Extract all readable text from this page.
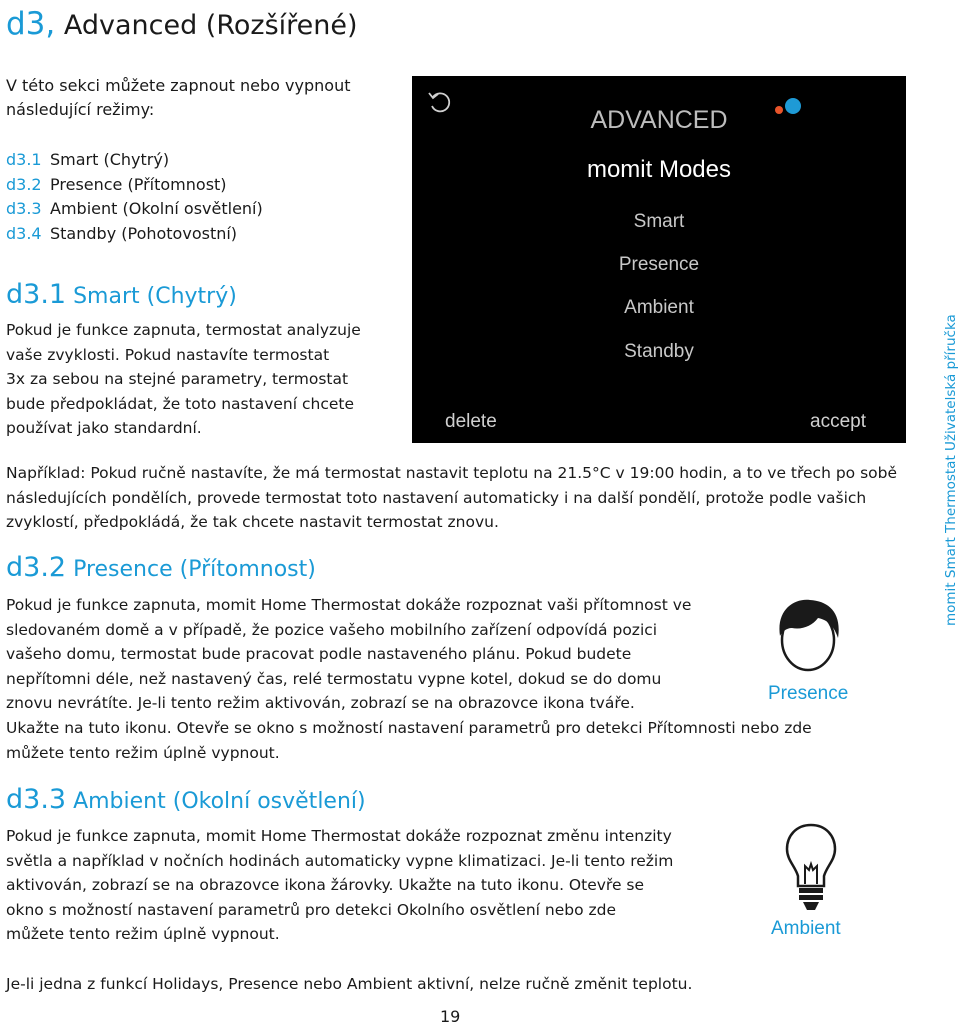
d3, Advanced (Rozšířené)
V této sekci můžete zapnout nebo vypnout
následující režimy:
d3.1 Smart (Chytrý)
d3.2 Presence (Přítomnost)
d3.3 Ambient (Okolní osvětlení)
d3.4 Standby (Pohotovostní)
d3.1 Smart (Chytrý)
Pokud je funkce zapnuta, termostat analyzuje
vaše zvyklosti. Pokud nastavíte termostat
3x za sebou na stejné parametry, termostat
bude předpokládat, že toto nastavení chcete
používat jako standardní.
ADVANCED
momit Modes
Smart
Presence
Ambient
Standby
delete	accept
Například: Pokud ručně nastavíte, že má termostat nastavit teplotu na 21.5°C v 19:00 hodin, a to ve třech po sobě
následujících pondělích, provede termostat toto nastavení automaticky i na další pondělí, protože podle vašich
zvyklostí, předpokládá, že tak chcete nastavit termostat znovu.
d3.2 Presence (Přítomnost)
Pokud je funkce zapnuta, momit Home Thermostat dokáže rozpoznat vaši přítomnost ve
sledovaném domě a v případě, že pozice vašeho mobilního zařízení odpovídá pozici
vašeho domu, termostat bude pracovat podle nastaveného plánu. Pokud budete
nepřítomni déle, než nastavený čas, relé termostatu vypne kotel, dokud se do domu
znovu nevrátíte. Je-li tento režim aktivován, zobrazí se na obrazovce ikona tváře.
Ukažte na tuto ikonu. Otevře se okno s možností nastavení parametrů pro detekci Přítomnosti nebo zde
můžete tento režim úplně vypnout.
Presence
d3.3 Ambient (Okolní osvětlení)
Pokud je funkce zapnuta, momit Home Thermostat dokáže rozpoznat změnu intenzity
světla a například v nočních hodinách automaticky vypne klimatizaci. Je-li tento režim
aktivován, zobrazí se na obrazovce ikona žárovky. Ukažte na tuto ikonu. Otevře se
okno s možností nastavení parametrů pro detekci Okolního osvětlení nebo zde
můžete tento režim úplně vypnout.	Ambient
Je-li jedna z funkcí Holidays, Presence nebo Ambient aktivní, nelze ručně změnit teplotu.
19
momit Smart Thermostat Uživatelská příručka
